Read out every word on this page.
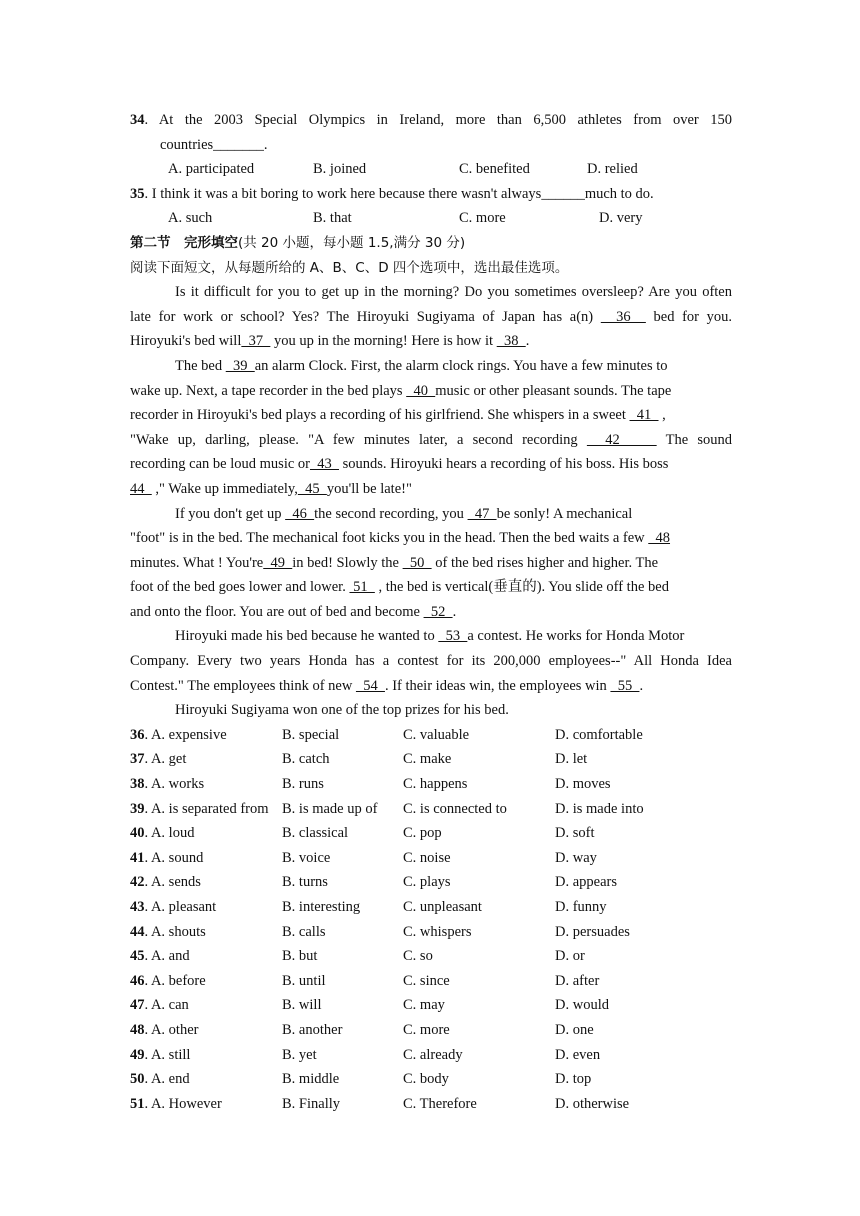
34. At the 2003 Special Olympics in Ireland, more than 6,500 athletes from over 150
countries_______.
A. participated	B. joined	C. benefited	D. relied
35. I think it was a bit boring to work here because there wasn't always______much to do.
A. such	B. that	C. more	D. very
第二节　完形填空(共 20 小题，每小题 1.5,满分 30 分)
阅读下面短文，从每题所给的 A、B、C、D 四个选项中，选出最佳选项。
Is it difficult for you to get up in the morning? Do you sometimes oversleep? Are you often
late for work or school? Yes? The Hiroyuki Sugiyama of Japan has a(n)   36   bed for you.
Hiroyuki's bed will  37   you up in the morning! Here is how it   38  .
The bed   39  an alarm Clock. First, the alarm clock rings. You have a few minutes to
wake up. Next, a tape recorder in the bed plays   40  music or other pleasant sounds. The tape
recorder in Hiroyuki's bed plays a recording of his girlfriend. She whispers in a sweet   41   ,
"Wake up, darling, please. "A few minutes later, a second recording   42     The sound
recording can be loud music or  43   sounds. Hiroyuki hears a recording of his boss. His boss
44   ," Wake up immediately,  45  you'll be late!"
If you don't get up   46  the second recording, you   47  be sonly! A mechanical
"foot" is in the bed. The mechanical foot kicks you in the head. Then the bed waits a few   48
minutes. What ! You're  49  in bed! Slowly the   50   of the bed rises higher and higher. The
foot of the bed goes lower and lower.  51   , the bed is vertical(垂直的). You slide off the bed
and onto the floor. You are out of bed and become   52  .
Hiroyuki made his bed because he wanted to   53  a contest. He works for Honda Motor
Company. Every two years Honda has a contest for its 200,000 employees--" All Honda Idea
Contest." The employees think of new   54  . If their ideas win, the employees win   55  .
Hiroyuki Sugiyama won one of the top prizes for his bed.
36. A. expensive	B. special	C. valuable	D. comfortable
37. A. get	B. catch	C. make	D. let
38. A. works	B. runs	C. happens	D. moves
39. A. is separated from B. is made up of	C. is connected to	D. is made into
40. A. loud	B. classical	C. pop	D. soft
41. A. sound	B. voice	C. noise	D. way
42. A. sends	B. turns	C. plays	D. appears
43. A. pleasant	B. interesting	C. unpleasant	D. funny
44. A. shouts	B. calls	C. whispers	D. persuades
45. A. and	B. but	C. so	D. or
46. A. before	B. until	C. since	D. after
47. A. can	B. will	C. may	D. would
48. A. other	B. another	C. more	D. one
49. A. still	B. yet	C. already	D. even
50. A. end	B. middle	C. body	D. top
51. A. However	B. Finally	C. Therefore	D. otherwise
